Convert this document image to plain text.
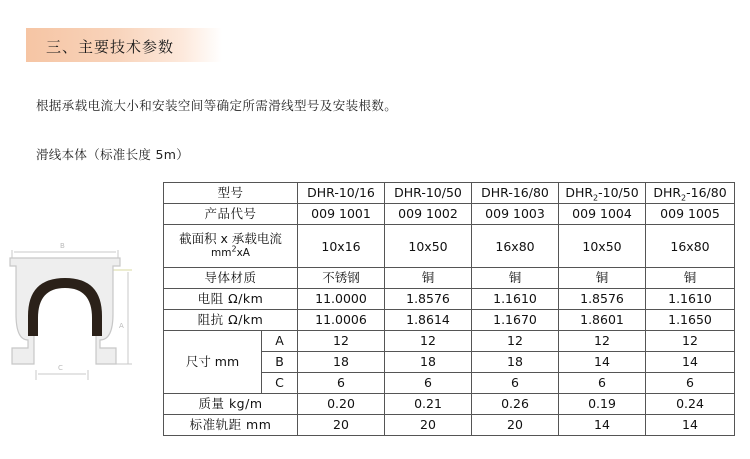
三、主要技术参数
根据承载电流大小和安装空间等确定所需滑线型号及安装根数。
滑线本体（标准长度 5m）
B
A
C
型号		DHR-10/16	DHR-10/50	DHR-16/80	$DHR_2-10/50$	$DHR_2-16/80$
产品代号		009 1001	009 1002	009 1003	009 1004	009 1005

截面积 x 承载电流
$mm^2xA$		10x16	10x50	16x80	10x50	16x80
导体材质		不锈钢	铜	铜	铜	铜
电阻 Ω/km		11.0000	1.8576	1.1610	1.8576	1.1610
阻抗 Ω/km		11.0006	1.8614	1.1670	1.8601	1.1650
尺寸 mm	A	12	12	12	12	12
	B	18	18	18	14	14
	C	6	6	6	6	6
质量 kg/m		0.20	0.21	0.26	0.19	0.24
标准轨距 mm		20	20	20	14	14
